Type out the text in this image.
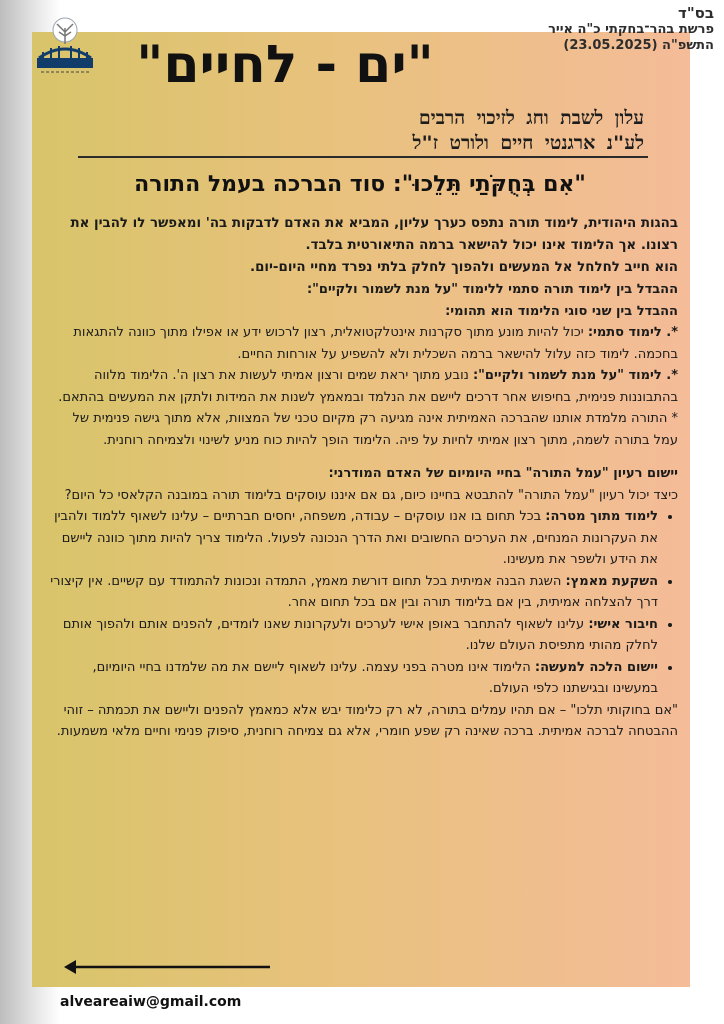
בס"ד
פרשת בהר־בחקתי כ"ה אייר
התשפ"ה (23.05.2025)
"ים - לחיים"
עלון לשבת וחג לזיכוי הרבים
לע"נ ארגנטי חיים ולורט ז"ל
"אִם בְּחֻקֹּתַי תֵּלֵכוּ": סוד הברכה בעמל התורה

בהגות היהודית, לימוד תורה נתפס כערך עליון, המביא את האדם לדבקות בה' ומאפשר לו להבין את רצונו. אך הלימוד אינו יכול להישאר ברמה התיאורטית בלבד.

הוא חייב לחלחל אל המעשים ולהפוך לחלק בלתי נפרד מחיי היום-יום.

ההבדל בין לימוד תורה סתמי ללימוד "על מנת לשמור ולקיים":

ההבדל בין שני סוגי הלימוד הוא תהומי:

*. לימוד סתמי: יכול להיות מונע מתוך סקרנות אינטלקטואלית, רצון לרכוש ידע או אפילו מתוך כוונה להתגאות בחכמה. לימוד כזה עלול להישאר ברמה השכלית ולא להשפיע על אורחות החיים.

*. לימוד "על מנת לשמור ולקיים": נובע מתוך יראת שמים ורצון אמיתי לעשות את רצון ה'. הלימוד מלווה בהתבוננות פנימית, בחיפוש אחר דרכים ליישם את הנלמד ובמאמץ לשנות את המידות ולתקן את המעשים בהתאם.

* התורה מלמדת אותנו שהברכה האמיתית אינה מגיעה רק מקיום טכני של המצוות, אלא מתוך גישה פנימית של עמל בתורה לשמה, מתוך רצון אמיתי לחיות על פיה. הלימוד הופך להיות כוח מניע לשינוי ולצמיחה רוחנית.

יישום רעיון "עמל התורה" בחיי היומיום של האדם המודרני:

כיצד יכול רעיון "עמל התורה" להתבטא בחיינו כיום, גם אם איננו עוסקים בלימוד תורה במובנה הקלאסי כל היום?

• לימוד מתוך מטרה: בכל תחום בו אנו עוסקים – עבודה, משפחה, יחסים חברתיים – עלינו לשאוף ללמוד ולהבין את העקרונות המנחים, את הערכים החשובים ואת הדרך הנכונה לפעול. הלימוד צריך להיות מתוך כוונה ליישם את הידע ולשפר את מעשינו.
• השקעת מאמץ: השגת הבנה אמיתית בכל תחום דורשת מאמץ, התמדה ונכונות להתמודד עם קשיים. אין קיצורי דרך להצלחה אמיתית, בין אם בלימוד תורה ובין אם בכל תחום אחר.
• חיבור אישי: עלינו לשאוף להתחבר באופן אישי לערכים ולעקרונות שאנו לומדים, להפנים אותם ולהפוך אותם לחלק מהותי מתפיסת העולם שלנו.
• יישום הלכה למעשה: הלימוד אינו מטרה בפני עצמה. עלינו לשאוף ליישם את מה שלמדנו בחיי היומיום, במעשינו ובגישתנו כלפי העולם.

"אם בחוקותי תלכו" – אם תהיו עמלים בתורה, לא רק כלימוד יבש אלא כמאמץ להפנים וליישם את תכמתה – זוהי ההבטחה לברכה אמיתית. ברכה שאינה רק שפע חומרי, אלא גם צמיחה רוחנית, סיפוק פנימי וחיים מלאי משמעות.

alveareaiw@gmail.com
